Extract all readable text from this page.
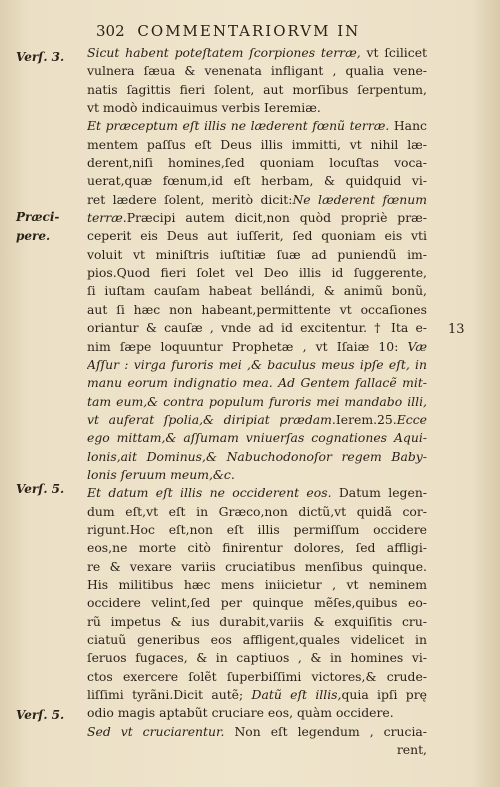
302 COMMENTARIORVM IN
Verſ. 3.
Præci-
pere.
Verſ. 5.
Verſ. 5.
13
Sicut habent poteſtatem ſcorpiones terræ, vt ſcilicet
vulnera ſæua & venenata infligant , qualia vene-
natis ſagittis fieri ſolent, aut morſibus ſerpentum,
vt modò indicauimus verbis Ieremiæ.
Et præceptum eſt illis ne læderent fœnũ terræ. Hanc
mentem paſſus eſt Deus illis immitti, vt nihil læ-
derent,niſi homines,ſed quoniam locuſtas voca-
uerat,quæ fœnum,id eſt herbam, & quidquid vi-
ret lædere ſolent, meritò dicit:Ne læderent fœnum
terræ.Præcipi autem dicit,non quòd propriè præ-
ceperit eis Deus aut iuſſerit, ſed quoniam eis vti
voluit vt miniſtris iuſtitiæ ſuæ ad puniendũ im-
pios.Quod fieri ſolet vel Deo illis id ſuggerente,
ſi iuſtam cauſam habeat bellándi, & animũ bonũ,
aut ſi hæc non habeant,permittente vt occaſiones
oriantur & cauſæ , vnde ad id excitentur. † Ita e-
nim ſæpe loquuntur Prophetæ , vt Iſaiæ 10: Væ
Aſſur : virga furoris mei ,& baculus meus ipſe eſt, in
manu eorum indignatio mea. Ad Gentem fallacẽ mit-
tam eum,& contra populum furoris mei mandabo illi,
vt auferat ſpolia,& diripiat prædam.Ierem.25.Ecce
ego mittam,& aſſumam vniuerſas cognationes Aqui-
lonis,ait Dominus,& Nabuchodonoſor regem Baby-
lonis ſeruum meum,&c.
Et datum eſt illis ne occiderent eos. Datum legen-
dum eſt,vt eſt in Græco,non dictũ,vt quidã cor-
rigunt.Hoc eſt,non eſt illis permiſſum occidere
eos,ne morte citò finirentur dolores, ſed affligi-
re & vexare variis cruciatibus menſibus quinque.
His militibus hæc mens iniicietur , vt neminem
occidere velint,ſed per quinque mẽſes,quibus eo-
rũ impetus & ius durabit,variis & exquiſitis cru-
ciatuũ generibus eos affligent,quales videlicet in
ſeruos fugaces, & in captiuos , & in homines vi-
ctos exercere ſolẽt ſuperbiſſimi victores,& crude-
liſſimi tyrãni.Dicit autẽ; Datũ eſt illis,quia ipſi prę
odio magis aptabũt cruciare eos, quàm occidere.
Sed vt cruciarentur. Non eſt legendum , crucia-
rent,
